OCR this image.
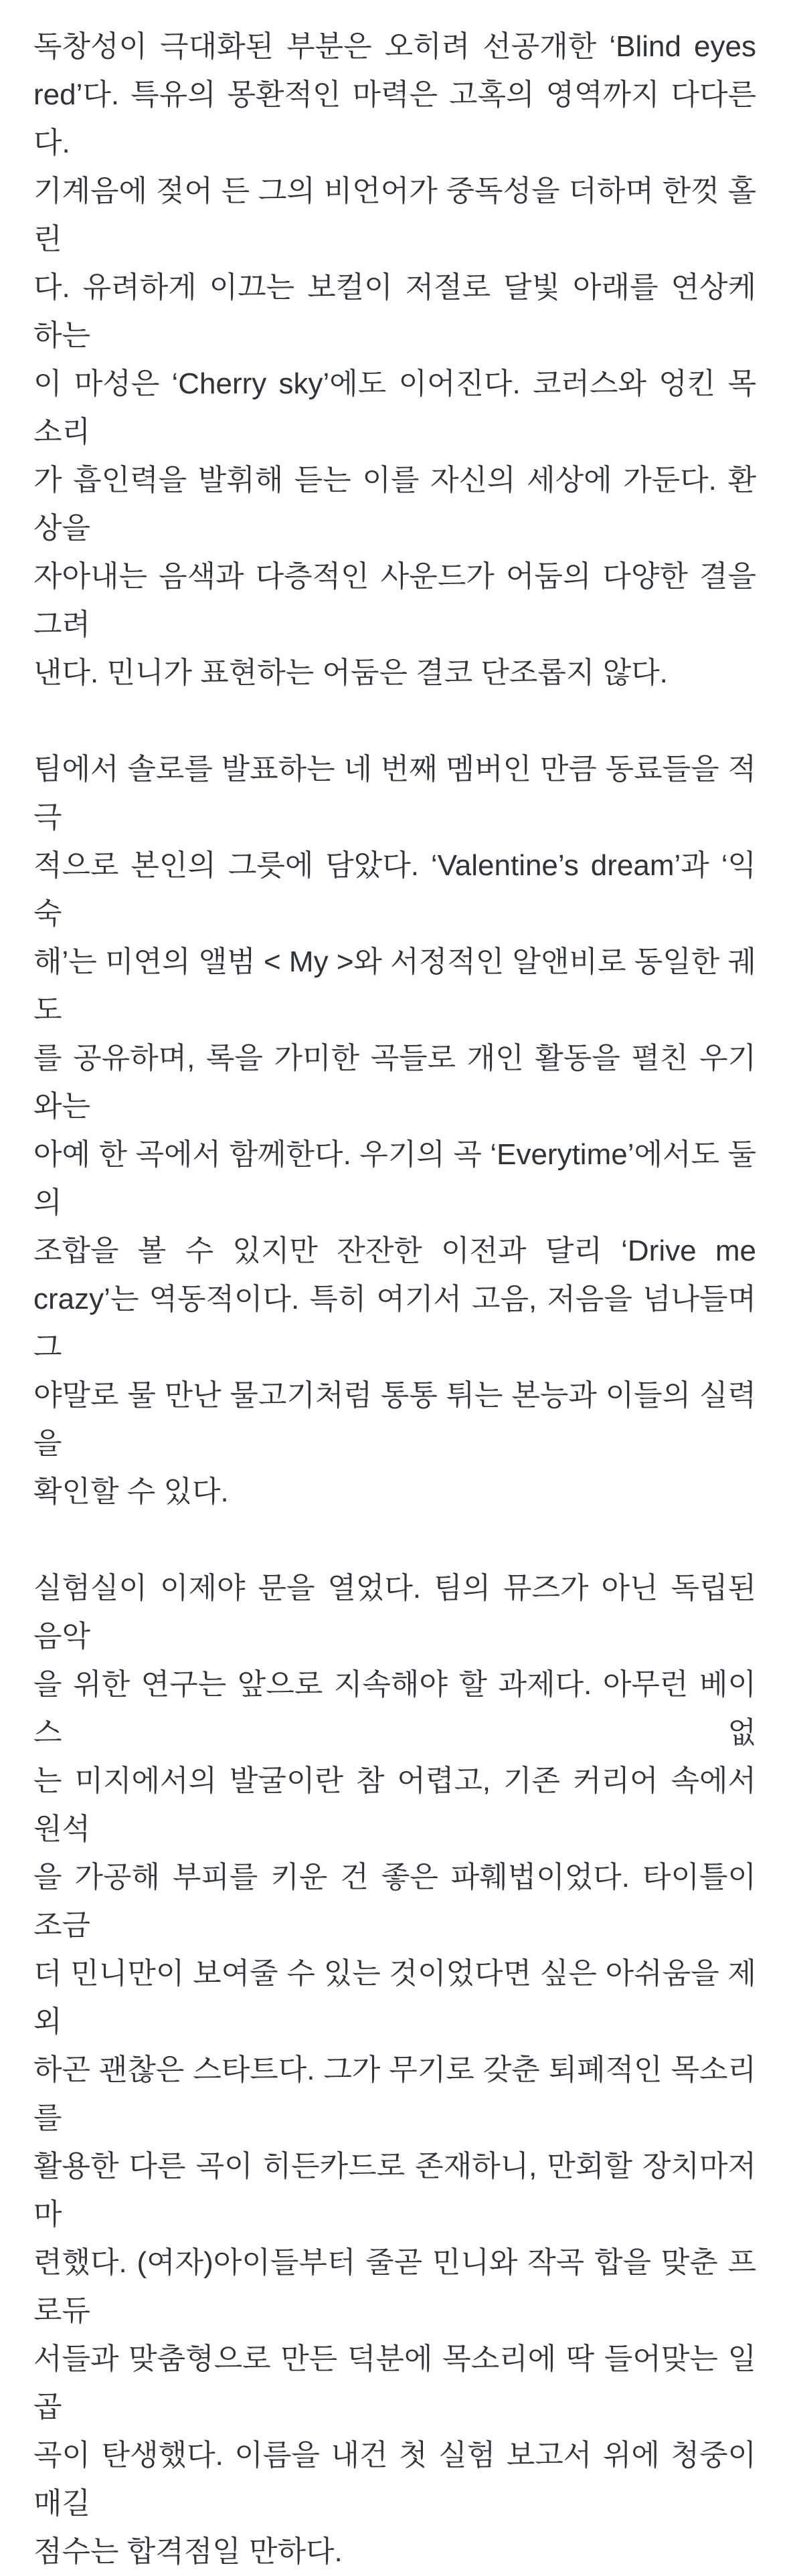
독창성이 극대화된 부분은 오히려 선공개한 ‘Blind eyes
red’다. 특유의 몽환적인 마력은 고혹의 영역까지 다다른다.
기계음에 젖어 든 그의 비언어가 중독성을 더하며 한껏 홀린
다. 유려하게 이끄는 보컬이 저절로 달빛 아래를 연상케 하는
이 마성은 ‘Cherry sky’에도 이어진다. 코러스와 엉킨 목소리
가 흡인력을 발휘해 듣는 이를 자신의 세상에 가둔다. 환상을
자아내는 음색과 다층적인 사운드가 어둠의 다양한 결을 그려
낸다. 민니가 표현하는 어둠은 결코 단조롭지 않다.
팀에서 솔로를 발표하는 네 번째 멤버인 만큼 동료들을 적극
적으로 본인의 그릇에 담았다. ‘Valentine’s dream’과 ‘익숙
해’는 미연의 앨범 < My >와 서정적인 알앤비로 동일한 궤도
를 공유하며, 록을 가미한 곡들로 개인 활동을 펼친 우기와는
아예 한 곡에서 함께한다. 우기의 곡 ‘Everytime’에서도 둘의
조합을 볼 수 있지만 잔잔한 이전과 달리 ‘Drive me
crazy’는 역동적이다. 특히 여기서 고음, 저음을 넘나들며 그
야말로 물 만난 물고기처럼 통통 튀는 본능과 이들의 실력을
확인할 수 있다.
실험실이 이제야 문을 열었다. 팀의 뮤즈가 아닌 독립된 음악
을 위한 연구는 앞으로 지속해야 할 과제다. 아무런 베이스 없
는 미지에서의 발굴이란 참 어렵고, 기존 커리어 속에서 원석
을 가공해 부피를 키운 건 좋은 파훼법이었다. 타이틀이 조금
더 민니만이 보여줄 수 있는 것이었다면 싶은 아쉬움을 제외
하곤 괜찮은 스타트다. 그가 무기로 갖춘 퇴폐적인 목소리를
활용한 다른 곡이 히든카드로 존재하니, 만회할 장치마저 마
련했다. (여자)아이들부터 줄곧 민니와 작곡 합을 맞춘 프로듀
서들과 맞춤형으로 만든 덕분에 목소리에 딱 들어맞는 일곱
곡이 탄생했다. 이름을 내건 첫 실험 보고서 위에 청중이 매길
점수는 합격점일 만하다.
